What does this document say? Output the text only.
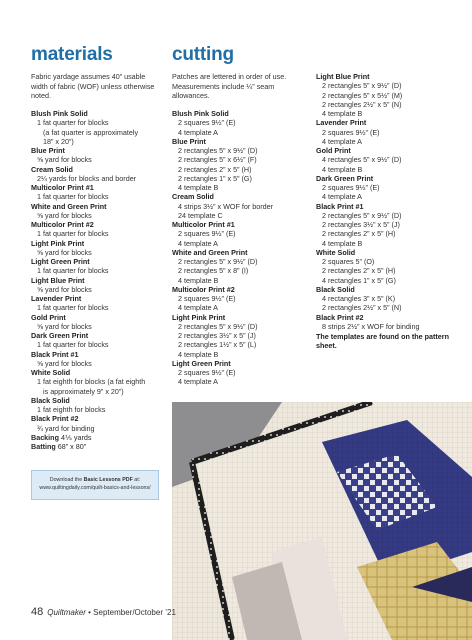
materials

Fabric yardage assumes 40” usable width of fabric (WOF) unless otherwise noted.

Blush Pink Solid
1 fat quarter for blocks
(a fat quarter is approximately
18” x 20”)
Blue Print
⅝ yard for blocks
Cream Solid
2¼ yards for blocks and border
Multicolor Print #1
1 fat quarter for blocks
White and Green Print
⅝ yard for blocks
Multicolor Print #2
1 fat quarter for blocks
Light Pink Print
⅝ yard for blocks
Light Green Print
1 fat quarter for blocks
Light Blue Print
⅝ yard for blocks
Lavender Print
1 fat quarter for blocks
Gold Print
⅝ yard for blocks
Dark Green Print
1 fat quarter for blocks
Black Print #1
⅝ yard for blocks
White Solid
1 fat eighth for blocks (a fat eighth
is approximately 9” x 20”)
Black Solid
1 fat eighth for blocks
Black Print #2
¾ yard for binding
Backing 4⅕ yards
Batting 68” x 80”
cutting

Patches are lettered in order of use. Measurements include ¼” seam allowances.

Blush Pink Solid
2 squares 9½” (E)
4 template A
Blue Print
2 rectangles 5” x 9½” (D)
2 rectangles 5” x 6½” (F)
2 rectangles 2” x 5” (H)
2 rectangles 1” x 5” (G)
4 template B
Cream Solid
4 strips 3½” x WOF for border
24 template C
Multicolor Print #1
2 squares 9½” (E)
4 template A
White and Green Print
2 rectangles 5” x 9½” (D)
2 rectangles 5” x 8” (I)
4 template B
Multicolor Print #2
2 squares 9½” (E)
4 template A
Light Pink Print
2 rectangles 5” x 9½” (D)
2 rectangles 3½” x 5” (J)
2 rectangles 1½” x 5” (L)
4 template B
Light Green Print
2 squares 9½” (E)
4 template A
Light Blue Print
2 rectangles 5” x 9½” (D)
2 rectangles 5” x 5½” (M)
2 rectangles 2½” x 5” (N)
4 template B
Lavender Print
2 squares 9½” (E)
4 template A
Gold Print
4 rectangles 5” x 9½” (D)
4 template B
Dark Green Print
2 squares 9½” (E)
4 template A
Black Print #1
2 rectangles 5” x 9½” (D)
2 rectangles 3½” x 5” (J)
2 rectangles 2” x 5” (H)
4 template B
White Solid
2 squares 5” (O)
2 rectangles 2” x 5” (H)
4 rectangles 1” x 5” (G)
Black Solid
4 rectangles 3” x 5” (K)
2 rectangles 2½” x 5” (N)
Black Print #2
8 strips 2½” x WOF for binding

The templates are found on the pattern sheet.

Download the Basic Lessons PDF at:
www.quiltingdaily.com/quilt-basics-and-lessons/
48 Quiltmaker • September/October ’21
